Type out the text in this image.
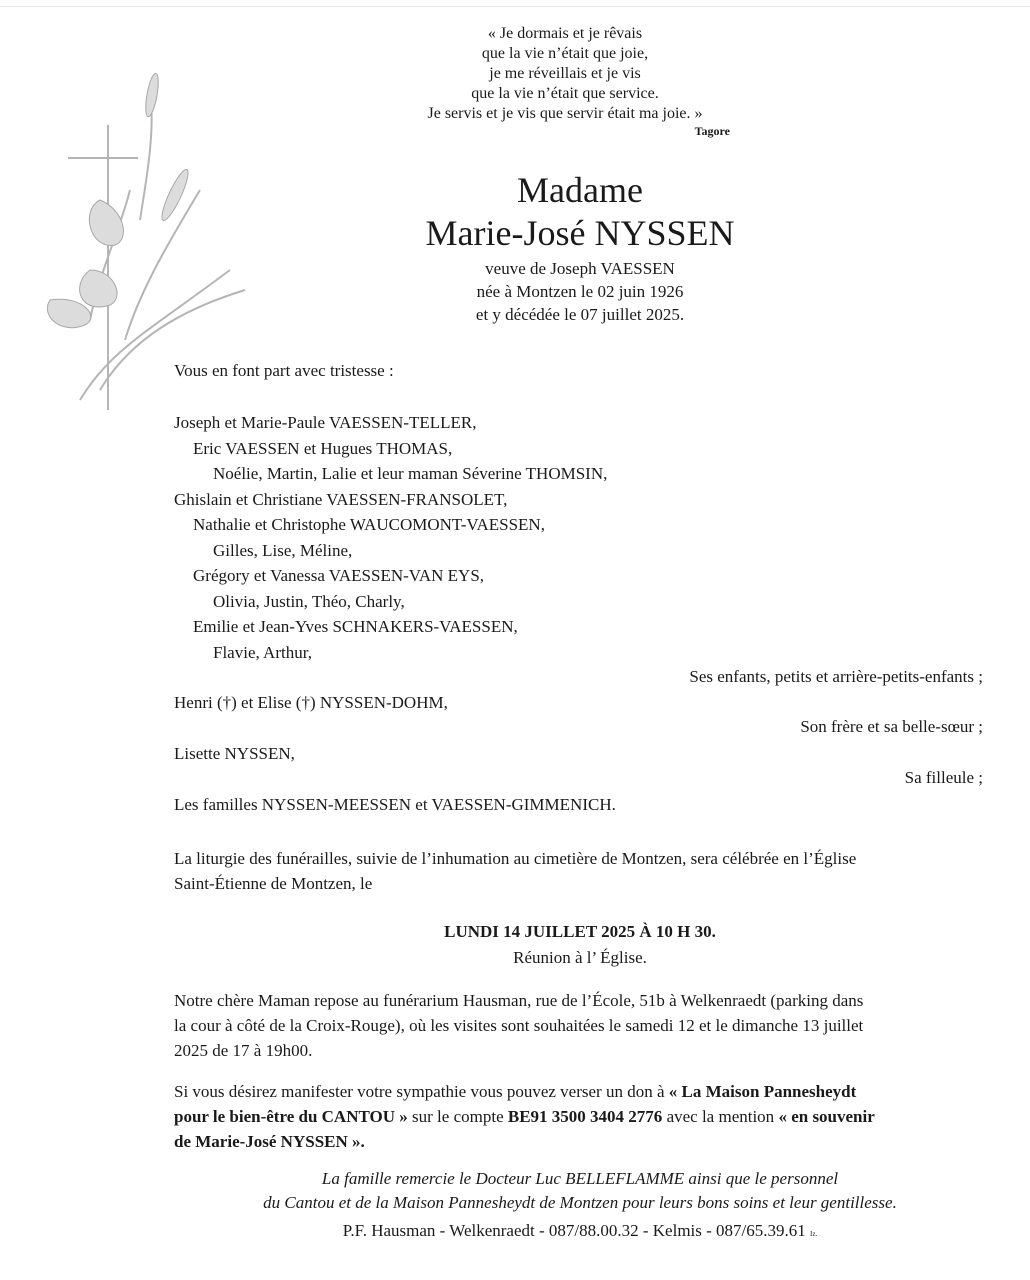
« Je dormais et je rêvais
que la vie n’était que joie,
je me réveillais et je vis
que la vie n’était que service.
Je servis et je vis que servir était ma joie. »
Tagore
Madame
Marie-José NYSSEN
veuve de Joseph VAESSEN
née à Montzen le 02 juin 1926
et y décédée le 07 juillet 2025.
Vous en font part avec tristesse :
Joseph et Marie-Paule VAESSEN-TELLER,
Eric VAESSEN et Hugues THOMAS,
Noélie, Martin, Lalie et leur maman Séverine THOMSIN,
Ghislain et Christiane VAESSEN-FRANSOLET,
Nathalie et Christophe WAUCOMONT-VAESSEN,
Gilles, Lise, Méline,
Grégory et Vanessa VAESSEN-VAN EYS,
Olivia, Justin, Théo, Charly,
Emilie et Jean-Yves SCHNAKERS-VAESSEN,
Flavie, Arthur,
Ses enfants, petits et arrière-petits-enfants ;
Henri (†) et Elise (†) NYSSEN-DOHM,
Son frère et sa belle-sœur ;
Lisette NYSSEN,
Sa filleule ;
Les familles NYSSEN-MEESSEN et VAESSEN-GIMMENICH.
La liturgie des funérailles, suivie de l’inhumation au cimetière de Montzen, sera célébrée en l’Église
Saint-Étienne de Montzen, le
LUNDI 14 JUILLET 2025 À 10 H 30.
Réunion à l’ Église.
Notre chère Maman repose au funérarium Hausman, rue de l’École, 51b à Welkenraedt (parking dans
la cour à côté de la Croix-Rouge), où les visites sont souhaitées le samedi 12 et le dimanche 13 juillet
2025 de 17 à 19h00.
Si vous désirez manifester votre sympathie vous pouvez verser un don à « La Maison Pannesheydt
pour le bien-être du CANTOU » sur le compte BE91 3500 3404 2776 avec la mention « en souvenir
de Marie-José NYSSEN ».
La famille remercie le Docteur Luc BELLEFLAMME ainsi que le personnel
du Cantou et de la Maison Pannesheydt de Montzen pour leurs bons soins et leur gentillesse.
P.F. Hausman - Welkenraedt - 087/88.00.32 - Kelmis - 087/65.39.61 Iz.
